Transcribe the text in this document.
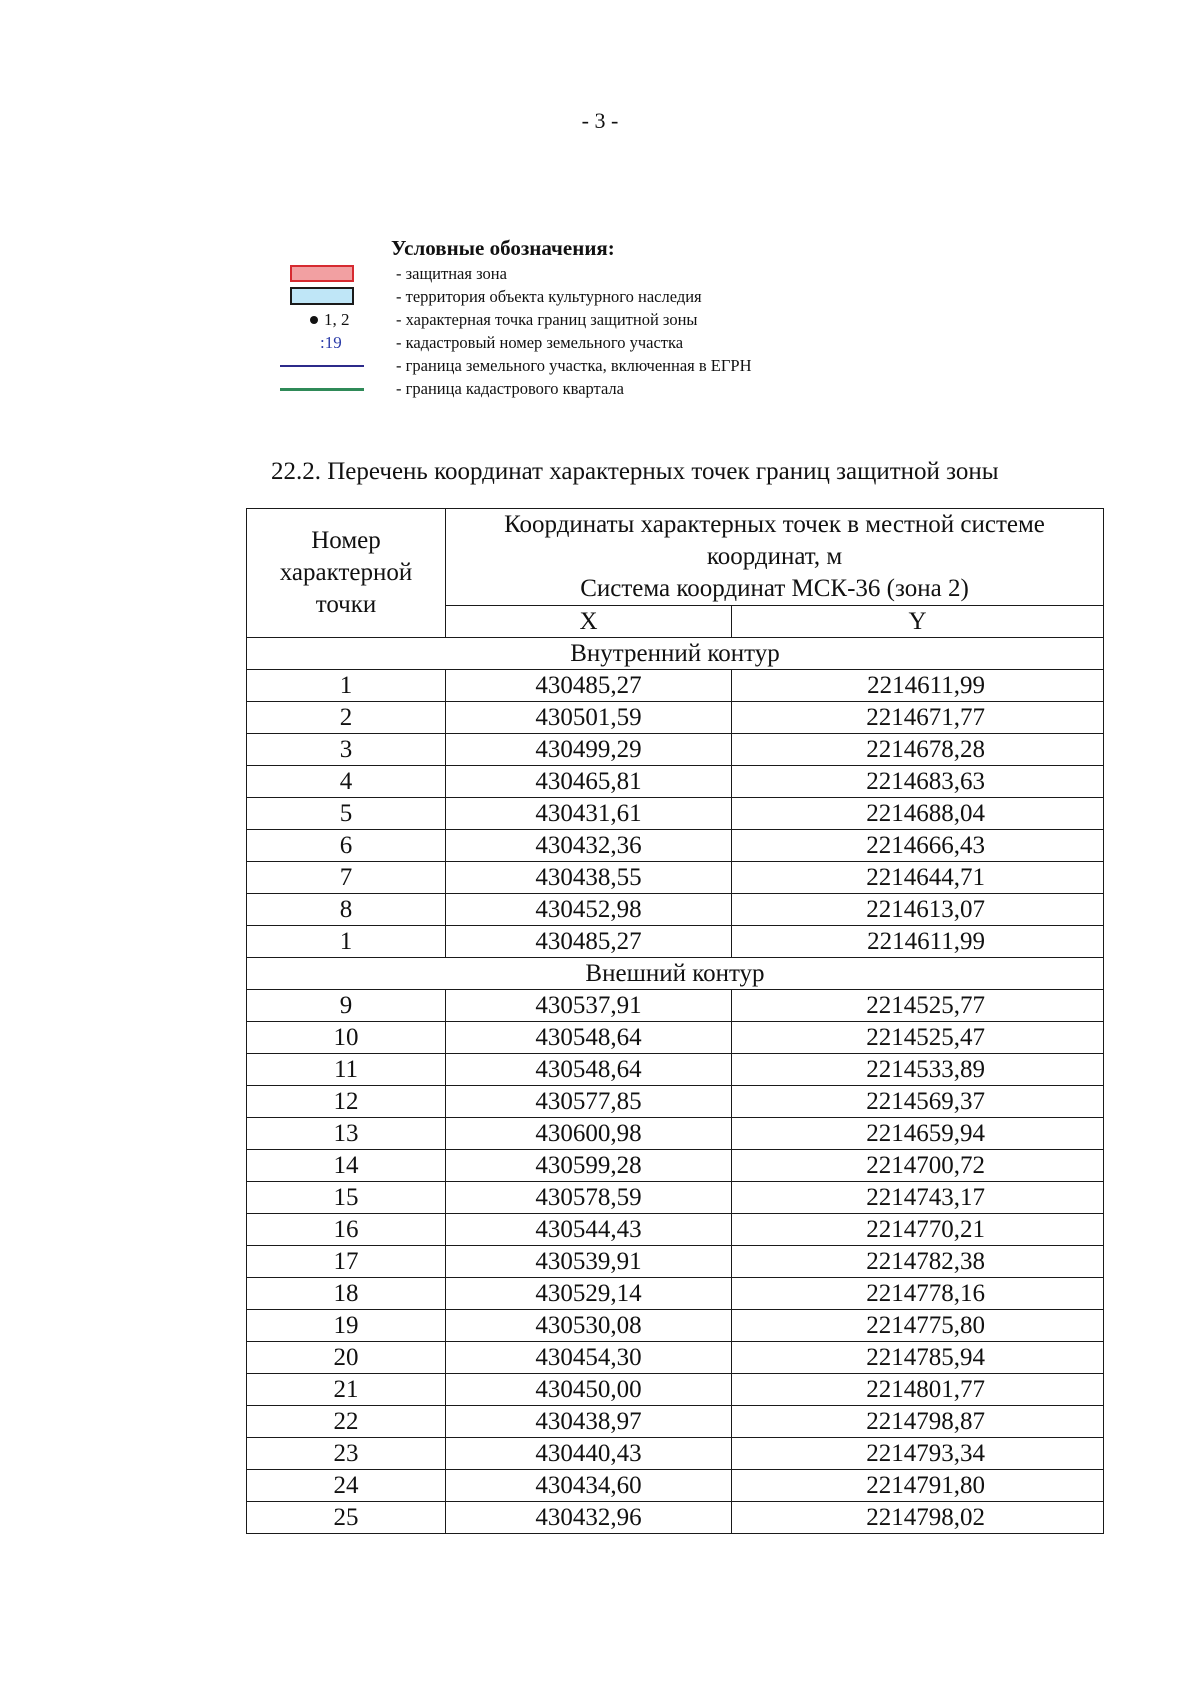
- 3 -
Условные обозначения:
- защитная зона
- территория объекта культурного наследия
1, 2	- характерная точка границ защитной зоны
:19	- кадастровый номер земельного участка
- граница земельного участка, включенная в ЕГРН
- граница кадастрового квартала
22.2. Перечень координат характерных точек границ защитной зоны
Номер характерной точки	Координаты характерных точек в местной системе координат, м
Система координат МСК-36 (зона 2)	

	X	Y
Внутренний контур		
1	430485,27	2214611,99
2	430501,59	2214671,77
3	430499,29	2214678,28
4	430465,81	2214683,63
5	430431,61	2214688,04
6	430432,36	2214666,43
7	430438,55	2214644,71
8	430452,98	2214613,07
1	430485,27	2214611,99
Внешний контур		
9	430537,91	2214525,77
10	430548,64	2214525,47
11	430548,64	2214533,89
12	430577,85	2214569,37
13	430600,98	2214659,94
14	430599,28	2214700,72
15	430578,59	2214743,17
16	430544,43	2214770,21
17	430539,91	2214782,38
18	430529,14	2214778,16
19	430530,08	2214775,80
20	430454,30	2214785,94
21	430450,00	2214801,77
22	430438,97	2214798,87
23	430440,43	2214793,34
24	430434,60	2214791,80
25	430432,96	2214798,02
